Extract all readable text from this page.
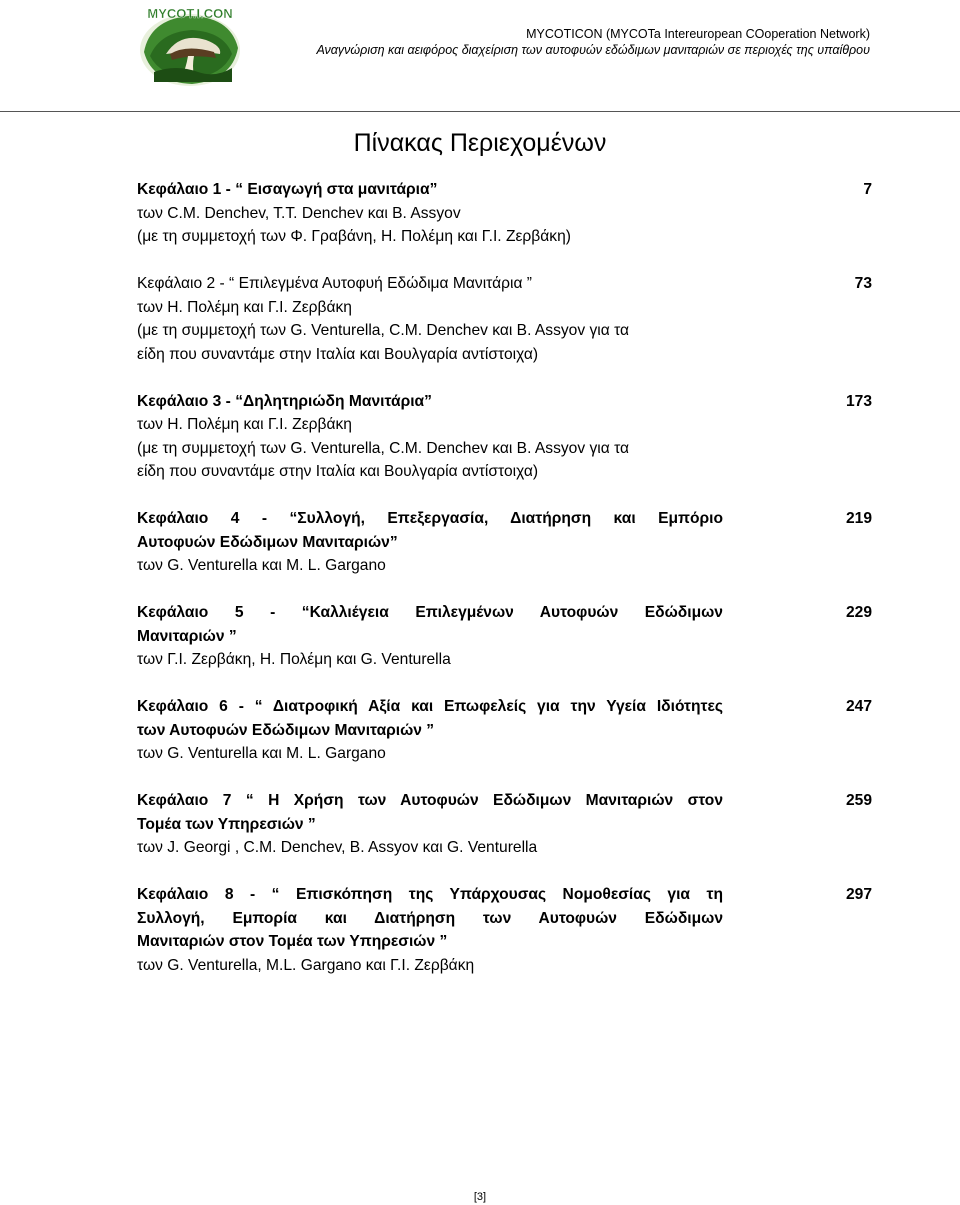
MYCOT.I.CON
MYCOTICON (MYCOTa Intereuropean COoperation Network)
Αναγνώριση και αειφόρος διαχείριση των αυτοφυών εδώδιμων μανιταριών σε περιοχές της υπαίθρου
Πίνακας Περιεχομένων
Κεφάλαιο 1 - “ Εισαγωγή στα μανιτάρια”
των C.M. Denchev, T.T. Denchev και B. Assyov
(με τη συμμετοχή των Φ. Γραβάνη, Η. Πολέμη και Γ.Ι. Ζερβάκη)
7
Κεφάλαιο 2 - “ Επιλεγμένα Αυτοφυή Εδώδιμα Μανιτάρια ”
των Η. Πολέμη και Γ.Ι. Ζερβάκη
(με τη συμμετοχή των G. Venturella, C.M. Denchev και B. Assyov για τα
είδη που συναντάμε στην Ιταλία και Βουλγαρία αντίστοιχα)
73
Κεφάλαιο 3 - “Δηλητηριώδη Μανιτάρια”
των Η. Πολέμη και Γ.Ι. Ζερβάκη
(με τη συμμετοχή των G. Venturella, C.M. Denchev και B. Assyov για τα
είδη που συναντάμε στην Ιταλία και Βουλγαρία αντίστοιχα)
173
Κεφάλαιο 4 - “Συλλογή, Επεξεργασία, Διατήρηση και Εμπόριο
Αυτοφυών Εδώδιμων Μανιταριών”
των G. Venturella και M. L. Gargano
219
Κεφάλαιο 5 - “Καλλιέγεια Επιλεγμένων Αυτοφυών Εδώδιμων
Μανιταριών ”
των Γ.Ι. Ζερβάκη, Η. Πολέμη και G. Venturella
229
Κεφάλαιο 6 - “ Διατροφική Αξία και Επωφελείς για την Υγεία Ιδιότητες
των Αυτοφυών Εδώδιμων Μανιταριών ”
των G. Venturella και M. L. Gargano
247
Κεφάλαιο 7 “ Η Χρήση των Αυτοφυών Εδώδιμων Μανιταριών στον
Τομέα των Υπηρεσιών ”
των J. Georgi , C.M. Denchev, B. Assyov και G. Venturella
259
Κεφάλαιο 8 - “ Επισκόπηση της Υπάρχουσας Νομοθεσίας για τη
Συλλογή, Εμπορία και Διατήρηση των Αυτοφυών Εδώδιμων
Μανιταριών στον Τομέα των Υπηρεσιών ”
των G. Venturella, M.L. Gargano και Γ.Ι. Ζερβάκη
297
[3]
